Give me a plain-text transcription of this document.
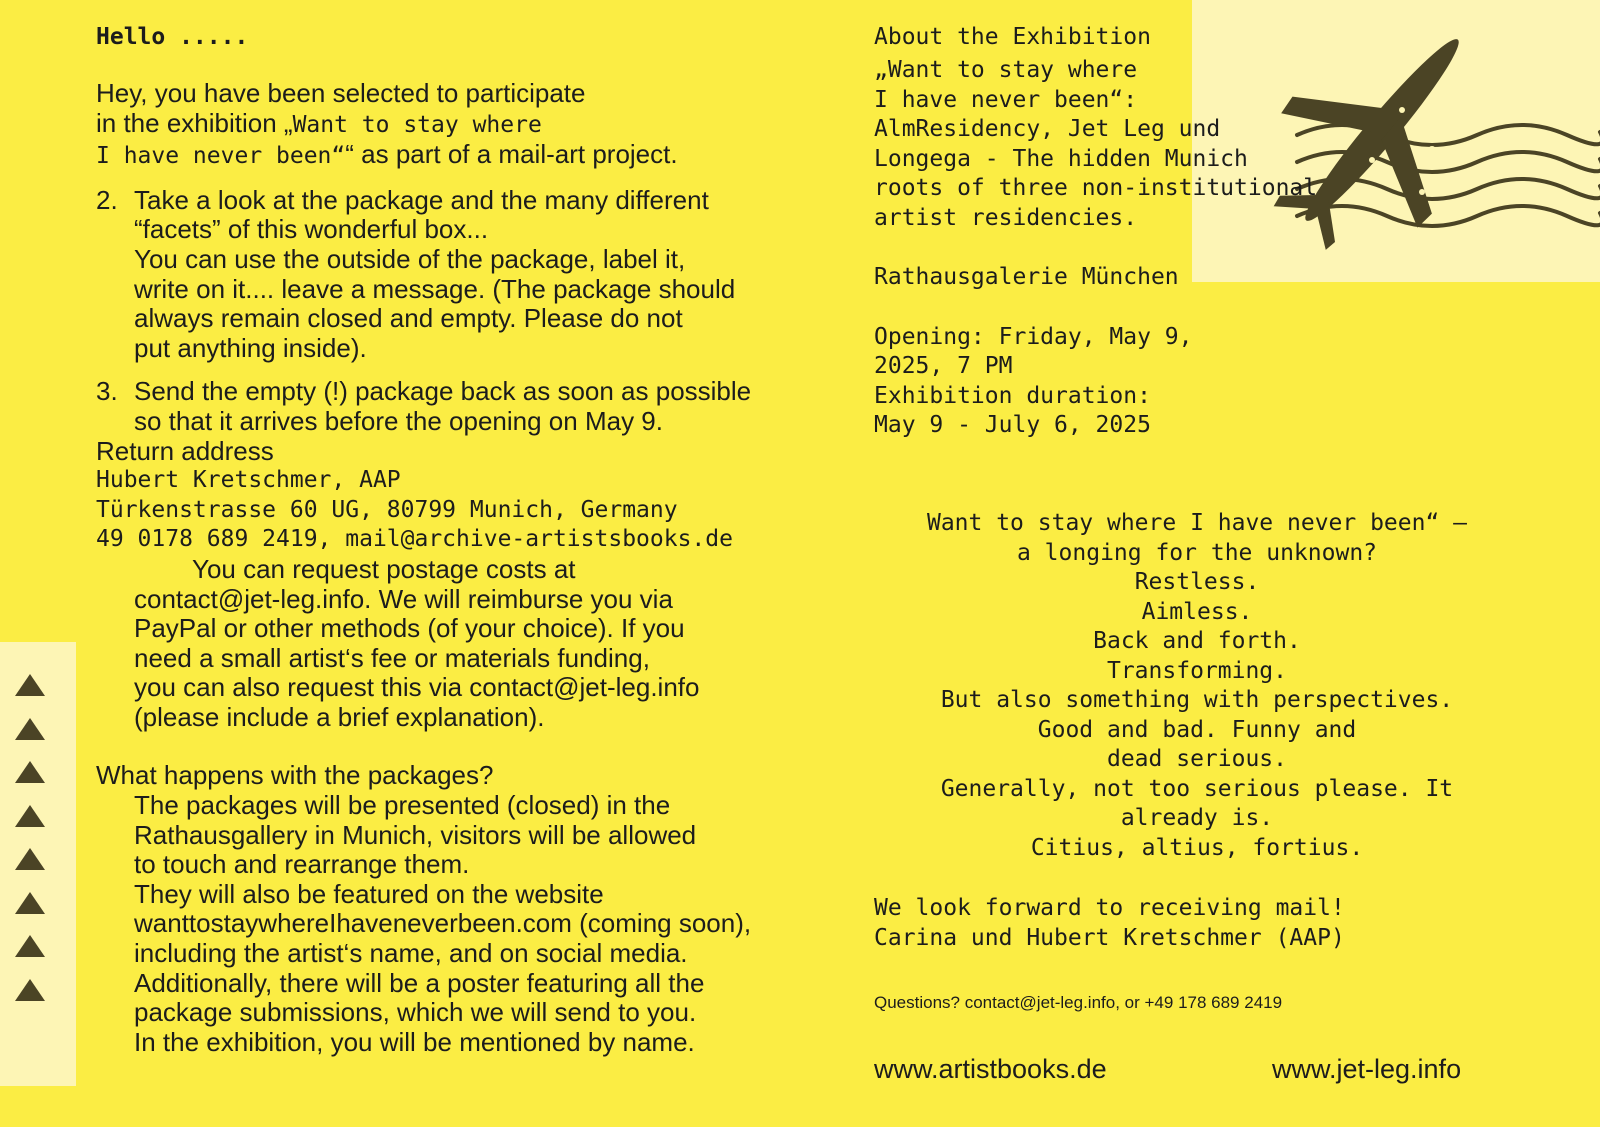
Hello .....

Hey, you have been selected to participate
in the exhibition „Want to stay where
I have never been““ as part of a mail-art project.

2. Take a look at the package and the many different
“facets” of this wonderful box...
You can use the outside of the package, label it,
write on it.... leave a message. (The package should
always remain closed and empty. Please do not
put anything inside).
3. Send the empty (!) package back as soon as possible
so that it arrives before the opening on May 9.
Return address
Hubert Kretschmer, AAP
Türkenstrasse 60 UG, 80799 Munich, Germany
49 0178 689 2419, mail@archive-artistsbooks.de
You can request postage costs at
contact@jet-leg.info. We will reimburse you via
PayPal or other methods (of your choice). If you
need a small artist‘s fee or materials funding,
you can also request this via contact@jet-leg.info
(please include a brief explanation).
What happens with the packages?
The packages will be presented (closed) in the
Rathausgallery in Munich, visitors will be allowed
to touch and rearrange them.
They will also be featured on the website
wanttostaywhereIhaveneverbeen.com (coming soon),
including the artist‘s name, and on social media.
Additionally, there will be a poster featuring all the
package submissions, which we will send to you.
In the exhibition, you will be mentioned by name.
About the Exhibition
„Want to stay where
I have never been“:
AlmResidency, Jet Leg und
Longega - The hidden Munich
roots of three non-institutional
artist residencies.
Rathausgalerie München
Opening: Friday, May 9,
2025, 7 PM
Exhibition duration:
May 9 - July 6, 2025
Want to stay where I have never been“ –
a longing for the unknown?
Restless.
Aimless.
Back and forth.
Transforming.
But also something with perspectives.
Good and bad. Funny and
dead serious.
Generally, not too serious please. It
already is.
Citius, altius, fortius.
We look forward to receiving mail!
Carina und Hubert Kretschmer (AAP)
Questions? contact@jet-leg.info, or +49 178 689 2419
www.artistbooks.de	www.jet-leg.info
